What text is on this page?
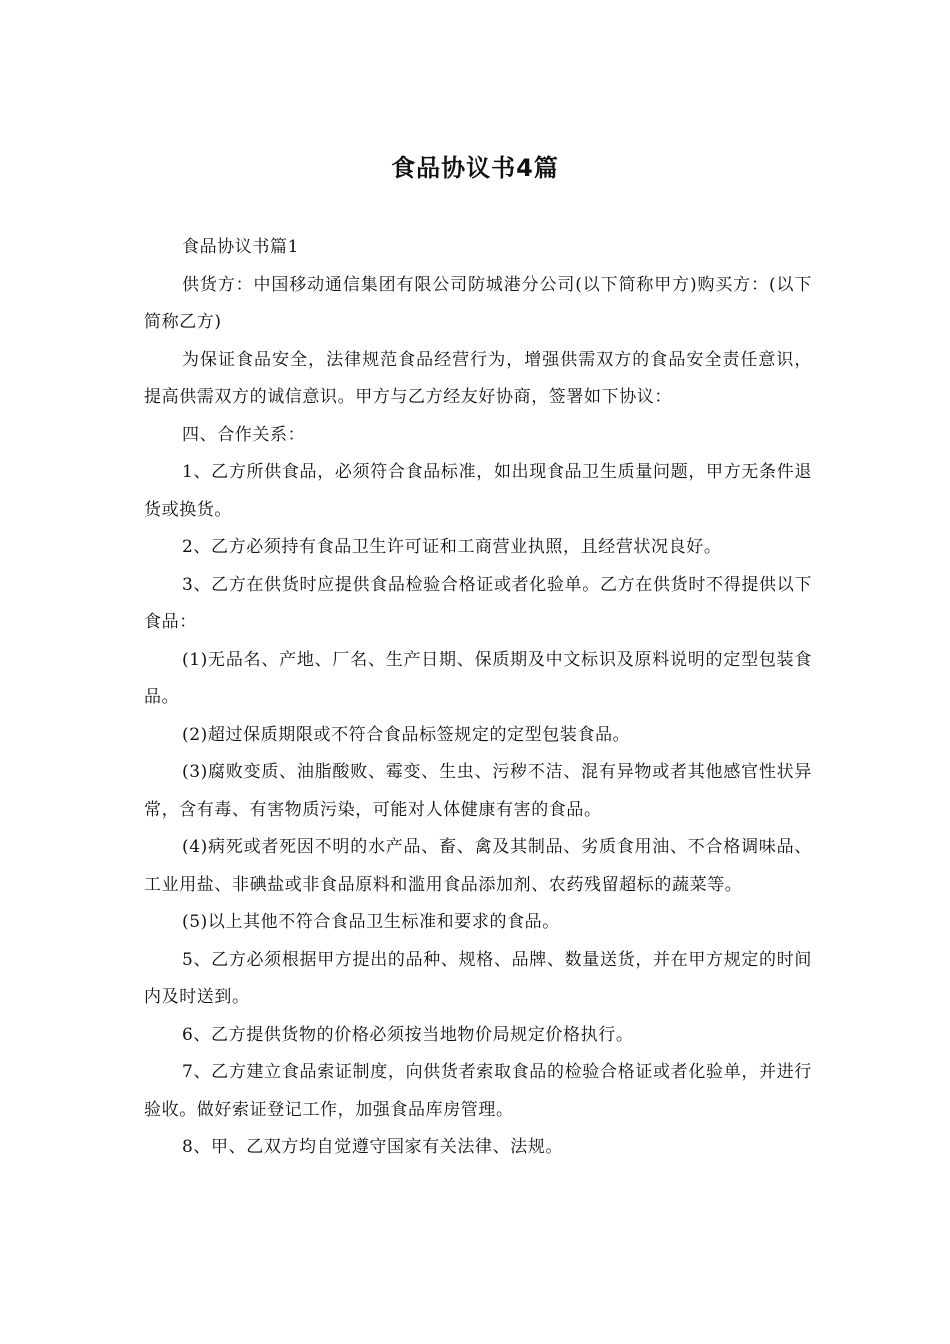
食品协议书4篇

食品协议书篇1

供货方：中国移动通信集团有限公司防城港分公司(以下简称甲方)购买方：(以下简称乙方)

为保证食品安全，法律规范食品经营行为，增强供需双方的食品安全责任意识，提高供需双方的诚信意识。甲方与乙方经友好协商，签署如下协议：

四、合作关系：

1、乙方所供食品，必须符合食品标准，如出现食品卫生质量问题，甲方无条件退货或换货。

2、乙方必须持有食品卫生许可证和工商营业执照，且经营状况良好。

3、乙方在供货时应提供食品检验合格证或者化验单。乙方在供货时不得提供以下食品：

(1)无品名、产地、厂名、生产日期、保质期及中文标识及原料说明的定型包装食品。

(2)超过保质期限或不符合食品标签规定的定型包装食品。

(3)腐败变质、油脂酸败、霉变、生虫、污秽不洁、混有异物或者其他感官性状异常，含有毒、有害物质污染，可能对人体健康有害的食品。

(4)病死或者死因不明的水产品、畜、禽及其制品、劣质食用油、不合格调味品、工业用盐、非碘盐或非食品原料和滥用食品添加剂、农药残留超标的蔬菜等。

(5)以上其他不符合食品卫生标准和要求的食品。

5、乙方必须根据甲方提出的品种、规格、品牌、数量送货，并在甲方规定的时间内及时送到。

6、乙方提供货物的价格必须按当地物价局规定价格执行。

7、乙方建立食品索证制度，向供货者索取食品的检验合格证或者化验单，并进行验收。做好索证登记工作，加强食品库房管理。

8、甲、乙双方均自觉遵守国家有关法律、法规。
